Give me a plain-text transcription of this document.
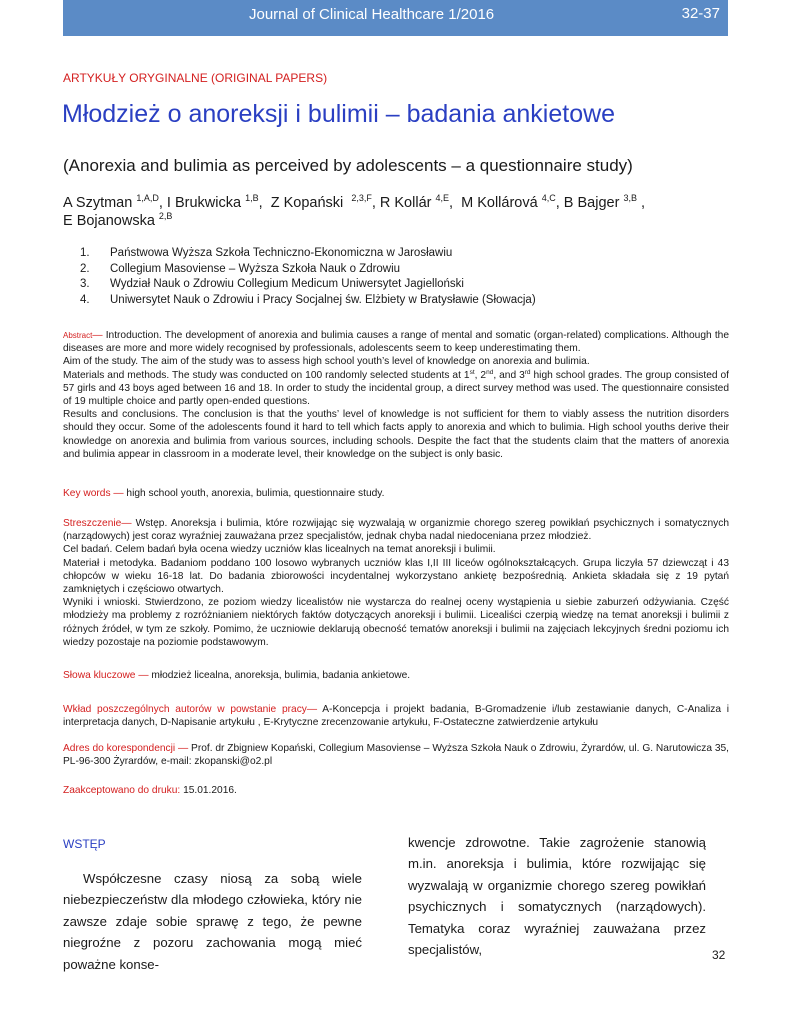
Journal of Clinical Healthcare 1/2016	32-37
ARTYKUŁY ORYGINALNE (ORIGINAL PAPERS)
Młodzież o anoreksji i bulimii – badania ankietowe
(Anorexia and bulimia as perceived by adolescents – a questionnaire study)
A Szytman $^{1,A,D}$, I Brukwicka $^{1,B}$,  Z Kopański $^{2,3,F}$, R Kollár $^{4,E}$,  M Kollárová $^{4,C}$, B Bajger $^{3,B}$ ,
E Bojanowska $^{2,B}$
1. Państwowa Wyższa Szkoła Techniczno-Ekonomiczna w Jarosławiu
2. Collegium Masoviense – Wyższa Szkoła Nauk o Zdrowiu
3. Wydział Nauk o Zdrowiu Collegium Medicum Uniwersytet Jagielloński
4. Uniwersytet Nauk o Zdrowiu i Pracy Socjalnej św. Elżbiety w Bratysławie (Słowacja)

Abstract— Introduction. The development of anorexia and bulimia causes a range of mental and somatic (organ-related) complications. Although the diseases are more and more widely recognised by professionals, adolescents seem to keep underestimating them.

Aim of the study. The aim of the study was to assess high school youth’s level of knowledge on anorexia and bulimia.

Materials and methods. The study was conducted on 100 randomly selected students at 1st, 2nd, and 3rd high school grades. The group consisted of 57 girls and 43 boys aged between 16 and 18. In order to study the incidental group, a direct survey method was used. The questionnaire consisted of 19 multiple choice and partly open-ended questions.

Results and conclusions. The conclusion is that the youths’ level of knowledge is not sufficient for them to viably assess the nutrition disorders should they occur. Some of the adolescents found it hard to tell which facts apply to anorexia and which to bulimia. High school youths derive their knowledge on anorexia and bulimia from various sources, including schools. Despite the fact that the students claim that the matters of anorexia and bulimia appear in classroom in a moderate level, their knowledge on the subject is only basic.

Key words — high school youth, anorexia, bulimia, questionnaire study.

Streszczenie— Wstęp. Anoreksja i bulimia, które rozwijając się wyzwalają w organizmie chorego szereg powikłań psychicznych i somatycznych (narządowych) jest coraz wyraźniej zauważana przez specjalistów, jednak chyba nadal niedoceniana przez młodzież.

Cel badań. Celem badań była ocena wiedzy uczniów klas licealnych na temat anoreksji i bulimii.

Materiał i metodyka. Badaniom poddano 100 losowo wybranych uczniów klas I,II III liceów ogólnokształcących. Grupa liczyła 57 dziewcząt i 43 chłopców w wieku 16-18 lat. Do badania zbiorowości incydentalnej wykorzystano ankietę bezpośrednią. Ankieta składała się z 19 pytań zamkniętych i częściowo otwartych.

Wyniki i wnioski. Stwierdzono, ze poziom wiedzy licealistów nie wystarcza do realnej oceny wystąpienia u siebie zaburzeń odżywiania. Część młodzieży ma problemy z rozróżnianiem niektórych faktów dotyczących anoreksji i bulimii. Licealiści czerpią wiedzę na temat anoreksji i bulimii z różnych źródeł, w tym ze szkoły. Pomimo, że uczniowie deklarują obecność tematów anoreksji i bulimii na zajęciach lekcyjnych średni poziomu ich wiedzy pozostaje na poziomie podstawowym.

Słowa kluczowe — młodzież licealna, anoreksja, bulimia, badania ankietowe.

Wkład poszczególnych autorów w powstanie pracy— A-Koncepcja i projekt badania, B-Gromadzenie i/lub zestawianie danych, C-Analiza i interpretacja danych, D-Napisanie artykułu , E-Krytyczne zrecenzowanie artykułu, F-Ostateczne zatwierdzenie artykułu

Adres do korespondencji — Prof. dr Zbigniew Kopański, Collegium Masoviense – Wyższa Szkoła Nauk o Zdrowiu, Żyrardów, ul. G. Narutowicza 35, PL-96-300 Żyrardów, e-mail: zkopanski@o2.pl

Zaakceptowano do druku: 15.01.2016.

WSTĘP

Współczesne czasy niosą za sobą wiele niebezpieczeństw dla młodego człowieka, który nie zawsze zdaje sobie sprawę z tego, że pewne niegroźne z pozoru zachowania mogą mieć poważne konse-

kwencje zdrowotne. Takie zagrożenie stanowią m.in. anoreksja i bulimia, które rozwijając się wyzwalają w organizmie chorego szereg powikłań psychicznych i somatycznych (narządowych). Tematyka coraz wyraźniej zauważana przez specjalistów,	32
